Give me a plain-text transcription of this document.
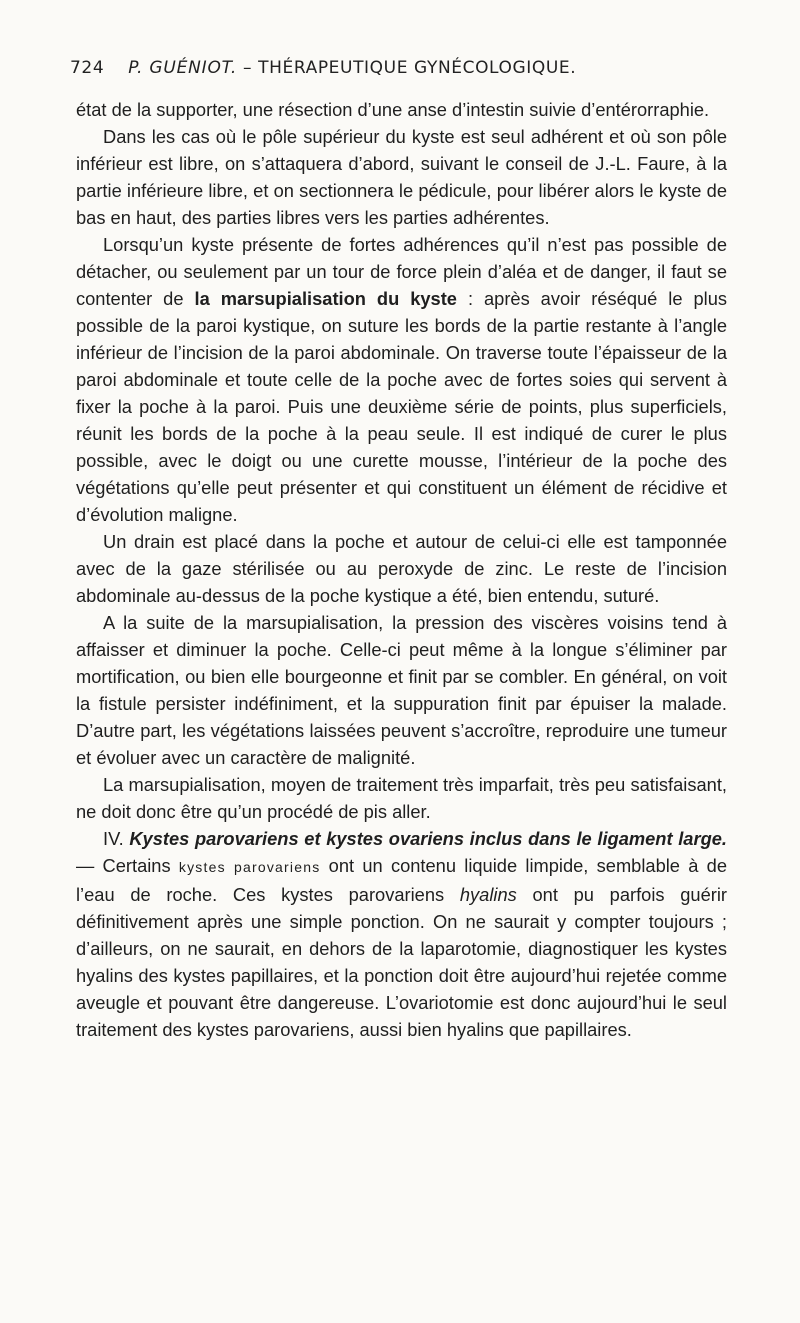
724 P. GUÉNIOT. – THÉRAPEUTIQUE GYNÉCOLOGIQUE.

état de la supporter, une résection d’une anse d’intestin suivie d’entérorraphie.

Dans les cas où le pôle supérieur du kyste est seul adhérent et où son pôle inférieur est libre, on s’attaquera d’abord, suivant le conseil de J.-L. Faure, à la partie inférieure libre, et on sectionnera le pédicule, pour libérer alors le kyste de bas en haut, des parties libres vers les parties adhérentes.

Lorsqu’un kyste présente de fortes adhérences qu’il n’est pas possible de détacher, ou seulement par un tour de force plein d’aléa et de danger, il faut se contenter de la marsupialisation du kyste : après avoir réséqué le plus possible de la paroi kystique, on suture les bords de la partie restante à l’angle inférieur de l’incision de la paroi abdominale. On traverse toute l’épaisseur de la paroi abdominale et toute celle de la poche avec de fortes soies qui servent à fixer la poche à la paroi. Puis une deuxième série de points, plus superficiels, réunit les bords de la poche à la peau seule. Il est indiqué de curer le plus possible, avec le doigt ou une curette mousse, l’intérieur de la poche des végétations qu’elle peut présenter et qui constituent un élément de récidive et d’évolution maligne.

Un drain est placé dans la poche et autour de celui-ci elle est tamponnée avec de la gaze stérilisée ou au peroxyde de zinc. Le reste de l’incision abdominale au-dessus de la poche kystique a été, bien entendu, suturé.

A la suite de la marsupialisation, la pression des viscères voisins tend à affaisser et diminuer la poche. Celle-ci peut même à la longue s’éliminer par mortification, ou bien elle bourgeonne et finit par se combler. En général, on voit la fistule persister indéfiniment, et la suppuration finit par épuiser la malade. D’autre part, les végétations laissées peuvent s’accroître, reproduire une tumeur et évoluer avec un caractère de malignité.

La marsupialisation, moyen de traitement très imparfait, très peu satisfaisant, ne doit donc être qu’un procédé de pis aller.

IV. Kystes parovariens et kystes ovariens inclus dans le ligament large. — Certains kystes parovariens ont un contenu liquide limpide, semblable à de l’eau de roche. Ces kystes parovariens hyalins ont pu parfois guérir définitivement après une simple ponction. On ne saurait y compter toujours ; d’ailleurs, on ne saurait, en dehors de la laparotomie, diagnostiquer les kystes hyalins des kystes papillaires, et la ponction doit être aujourd’hui rejetée comme aveugle et pouvant être dangereuse. L’ovariotomie est donc aujourd’hui le seul traitement des kystes parovariens, aussi bien hyalins que papillaires.
